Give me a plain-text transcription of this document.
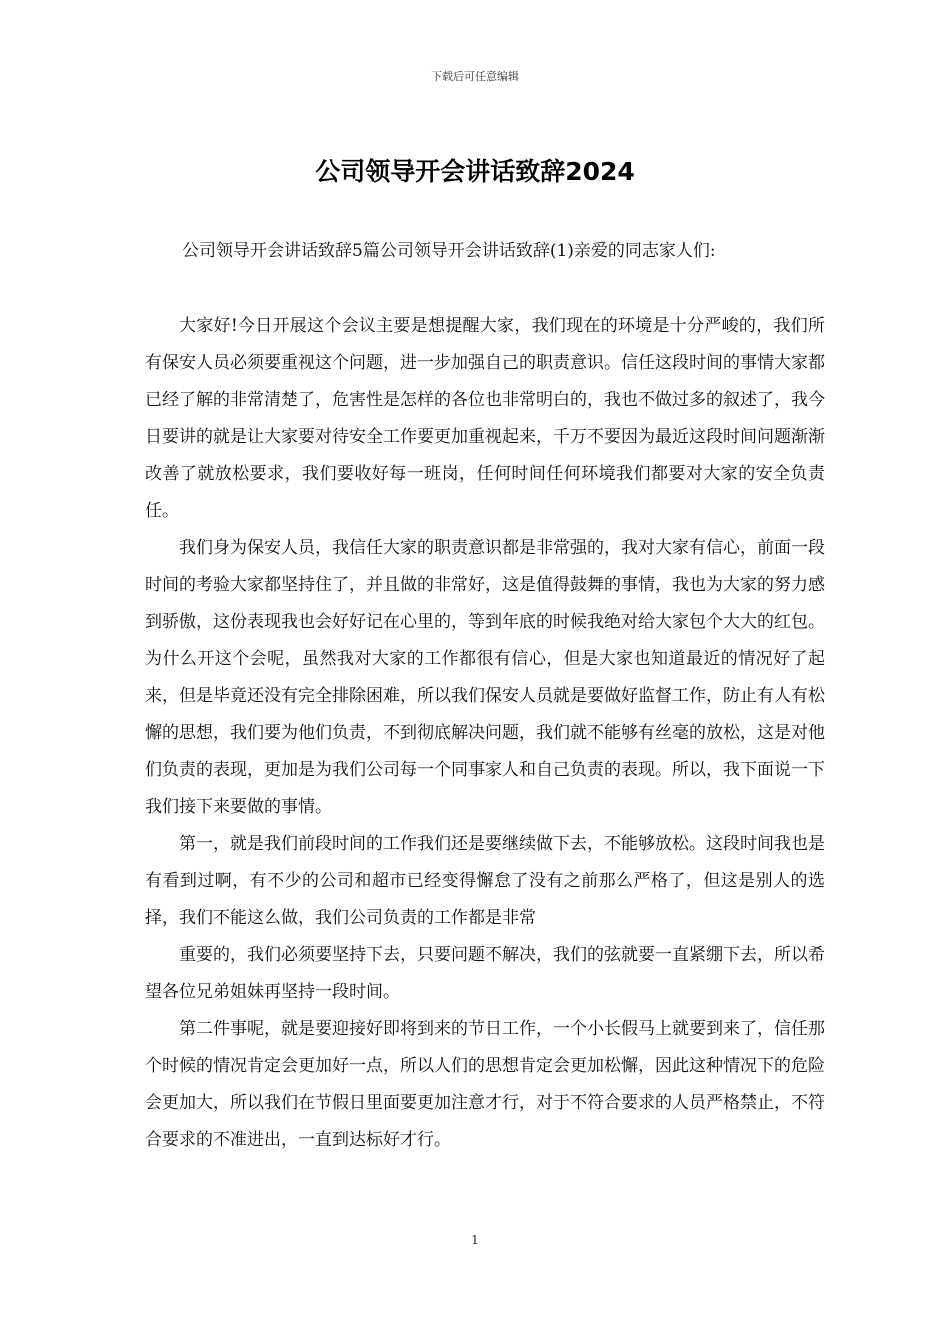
下载后可任意编辑
公司领导开会讲话致辞2024
公司领导开会讲话致辞5篇公司领导开会讲话致辞(1)亲爱的同志家人们:

大家好!今日开展这个会议主要是想提醒大家，我们现在的环境是十分严峻的，我们所有保安人员必须要重视这个问题，进一步加强自己的职责意识。信任这段时间的事情大家都已经了解的非常清楚了，危害性是怎样的各位也非常明白的，我也不做过多的叙述了，我今日要讲的就是让大家要对待安全工作要更加重视起来，千万不要因为最近这段时间问题渐渐改善了就放松要求，我们要收好每一班岗，任何时间任何环境我们都要对大家的安全负责任。

我们身为保安人员，我信任大家的职责意识都是非常强的，我对大家有信心，前面一段时间的考验大家都坚持住了，并且做的非常好，这是值得鼓舞的事情，我也为大家的努力感到骄傲，这份表现我也会好好记在心里的，等到年底的时候我绝对给大家包个大大的红包。为什么开这个会呢，虽然我对大家的工作都很有信心，但是大家也知道最近的情况好了起来，但是毕竟还没有完全排除困难，所以我们保安人员就是要做好监督工作，防止有人有松懈的思想，我们要为他们负责，不到彻底解决问题，我们就不能够有丝毫的放松，这是对他们负责的表现，更加是为我们公司每一个同事家人和自己负责的表现。所以，我下面说一下我们接下来要做的事情。

第一，就是我们前段时间的工作我们还是要继续做下去，不能够放松。这段时间我也是有看到过啊，有不少的公司和超市已经变得懈怠了没有之前那么严格了，但这是别人的选择，我们不能这么做，我们公司负责的工作都是非常

重要的，我们必须要坚持下去，只要问题不解决，我们的弦就要一直紧绷下去，所以希望各位兄弟姐妹再坚持一段时间。

第二件事呢，就是要迎接好即将到来的节日工作，一个小长假马上就要到来了，信任那个时候的情况肯定会更加好一点，所以人们的思想肯定会更加松懈，因此这种情况下的危险会更加大，所以我们在节假日里面要更加注意才行，对于不符合要求的人员严格禁止，不符合要求的不准进出，一直到达标好才行。

1
